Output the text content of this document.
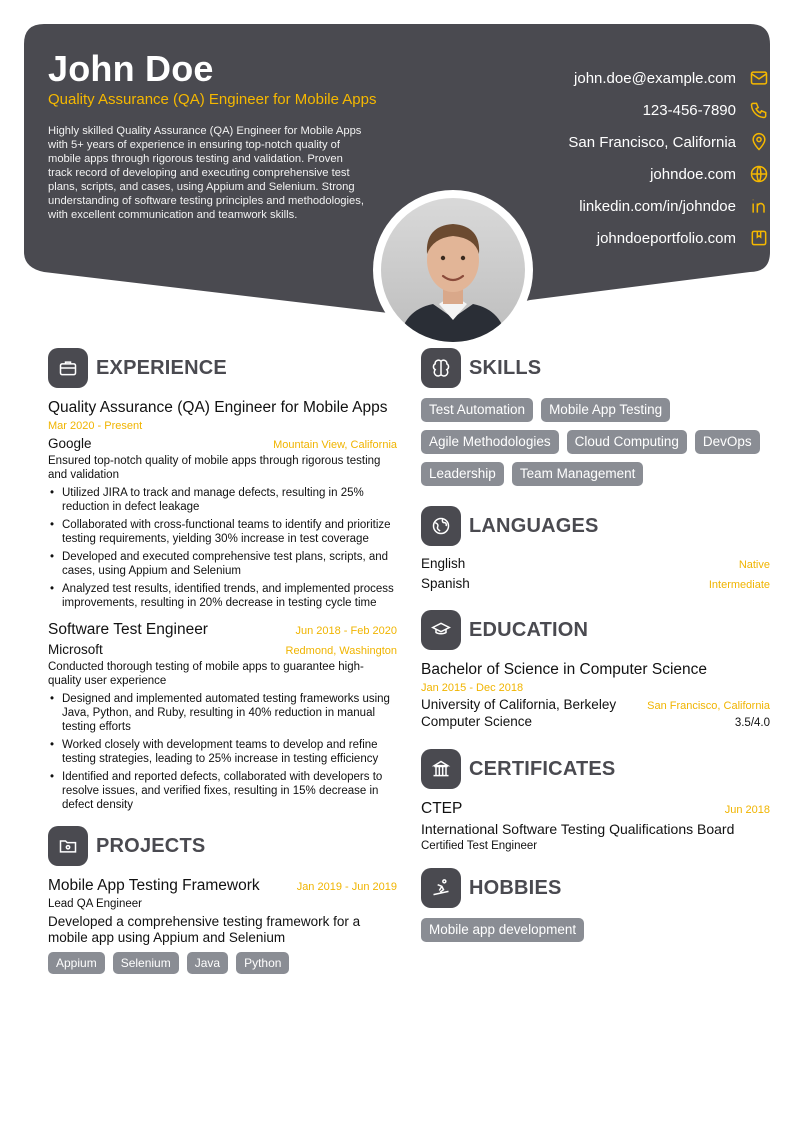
John Doe
Quality Assurance (QA) Engineer for Mobile Apps
Highly skilled Quality Assurance (QA) Engineer for Mobile Apps with 5+ years of experience in ensuring top-notch quality of mobile apps through rigorous testing and validation. Proven track record of developing and executing comprehensive test plans, scripts, and cases, using Appium and Selenium. Strong understanding of software testing principles and methodologies, with excellent communication and teamwork skills.
john.doe@example.com
123-456-7890
San Francisco, California
johndoe.com
linkedin.com/in/johndoe
johndoeportfolio.com
EXPERIENCE
Quality Assurance (QA) Engineer for Mobile Apps
Mar 2020 - Present
Google	Mountain View, California
Ensured top-notch quality of mobile apps through rigorous testing and validation
• Utilized JIRA to track and manage defects, resulting in 25% reduction in defect leakage
• Collaborated with cross-functional teams to identify and prioritize testing requirements, yielding 30% increase in test coverage
• Developed and executed comprehensive test plans, scripts, and cases, using Appium and Selenium
• Analyzed test results, identified trends, and implemented process improvements, resulting in 20% decrease in testing cycle time
Software Test Engineer	Jun 2018 - Feb 2020
Microsoft	Redmond, Washington
Conducted thorough testing of mobile apps to guarantee high-quality user experience
• Designed and implemented automated testing frameworks using Java, Python, and Ruby, resulting in 40% reduction in manual testing efforts
• Worked closely with development teams to develop and refine testing strategies, leading to 25% increase in testing efficiency
• Identified and reported defects, collaborated with developers to resolve issues, and verified fixes, resulting in 15% decrease in defect density
PROJECTS
Mobile App Testing Framework	Jan 2019 - Jun 2019
Lead QA Engineer
Developed a comprehensive testing framework for a mobile app using Appium and Selenium
Appium	Selenium	Java	Python
SKILLS
Test Automation	Mobile App Testing
Agile Methodologies	Cloud Computing	DevOps
Leadership	Team Management
LANGUAGES
English	Native
Spanish	Intermediate
EDUCATION
Bachelor of Science in Computer Science
Jan 2015 - Dec 2018
University of California, Berkeley	San Francisco, California
Computer Science	3.5/4.0
CERTIFICATES
CTEP	Jun 2018
International Software Testing Qualifications Board
Certified Test Engineer
HOBBIES
Mobile app development
